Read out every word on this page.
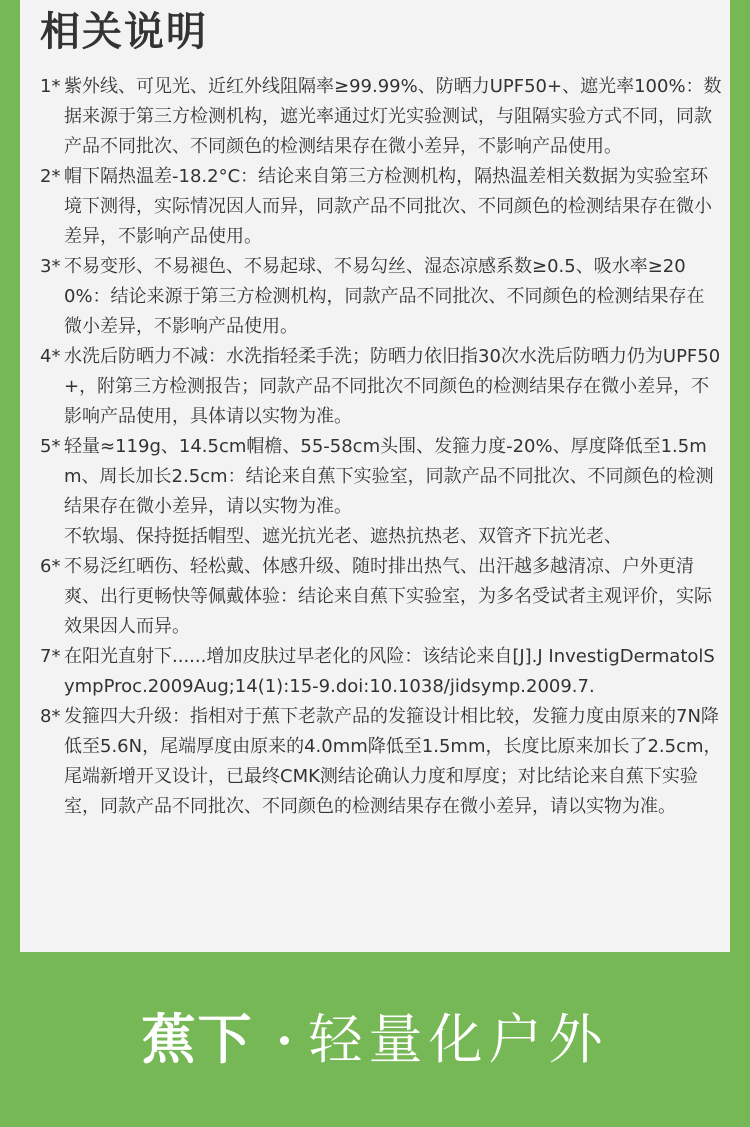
相关说明
1* 紫外线、可见光、近红外线阻隔率≥99.99%、防晒力UPF50+、遮光率100%：数据来源于第三方检测机构，遮光率通过灯光实验测试，与阻隔实验方式不同，同款产品不同批次、不同颜色的检测结果存在微小差异，不影响产品使用。
2* 帽下隔热温差-18.2°C：结论来自第三方检测机构，隔热温差相关数据为实验室环境下测得，实际情况因人而异，同款产品不同批次、不同颜色的检测结果存在微小差异，不影响产品使用。
3* 不易变形、不易褪色、不易起球、不易勾丝、湿态凉感系数≥0.5、吸水率≥200%：结论来源于第三方检测机构，同款产品不同批次、不同颜色的检测结果存在微小差异，不影响产品使用。
4* 水洗后防晒力不减：水洗指轻柔手洗；防晒力依旧指30次水洗后防晒力仍为UPF50+，附第三方检测报告；同款产品不同批次不同颜色的检测结果存在微小差异，不影响产品使用，具体请以实物为准。
5* 轻量≈119g、14.5cm帽檐、55-58cm头围、发箍力度-20%、厚度降低至1.5mm、周长加长2.5cm：结论来自蕉下实验室，同款产品不同批次、不同颜色的检测结果存在微小差异，请以实物为准。
不软塌、保持挺括帽型、遮光抗光老、遮热抗热老、双管齐下抗光老、
6* 不易泛红晒伤、轻松戴、体感升级、随时排出热气、出汗越多越清凉、户外更清爽、出行更畅快等佩戴体验：结论来自蕉下实验室，为多名受试者主观评价，实际效果因人而异。
7* 在阳光直射下......增加皮肤过早老化的风险：该结论来自[J].J InvestigDermatolSympProc.2009Aug;14(1):15-9.doi:10.1038/jidsymp.2009.7.
8* 发箍四大升级：指相对于蕉下老款产品的发箍设计相比较，发箍力度由原来的7N降低至5.6N，尾端厚度由原来的4.0mm降低至1.5mm，长度比原来加长了2.5cm，尾端新增开叉设计，已最终CMK测结论确认力度和厚度；对比结论来自蕉下实验室，同款产品不同批次、不同颜色的检测结果存在微小差异，请以实物为准。
蕉下 轻量化户外
